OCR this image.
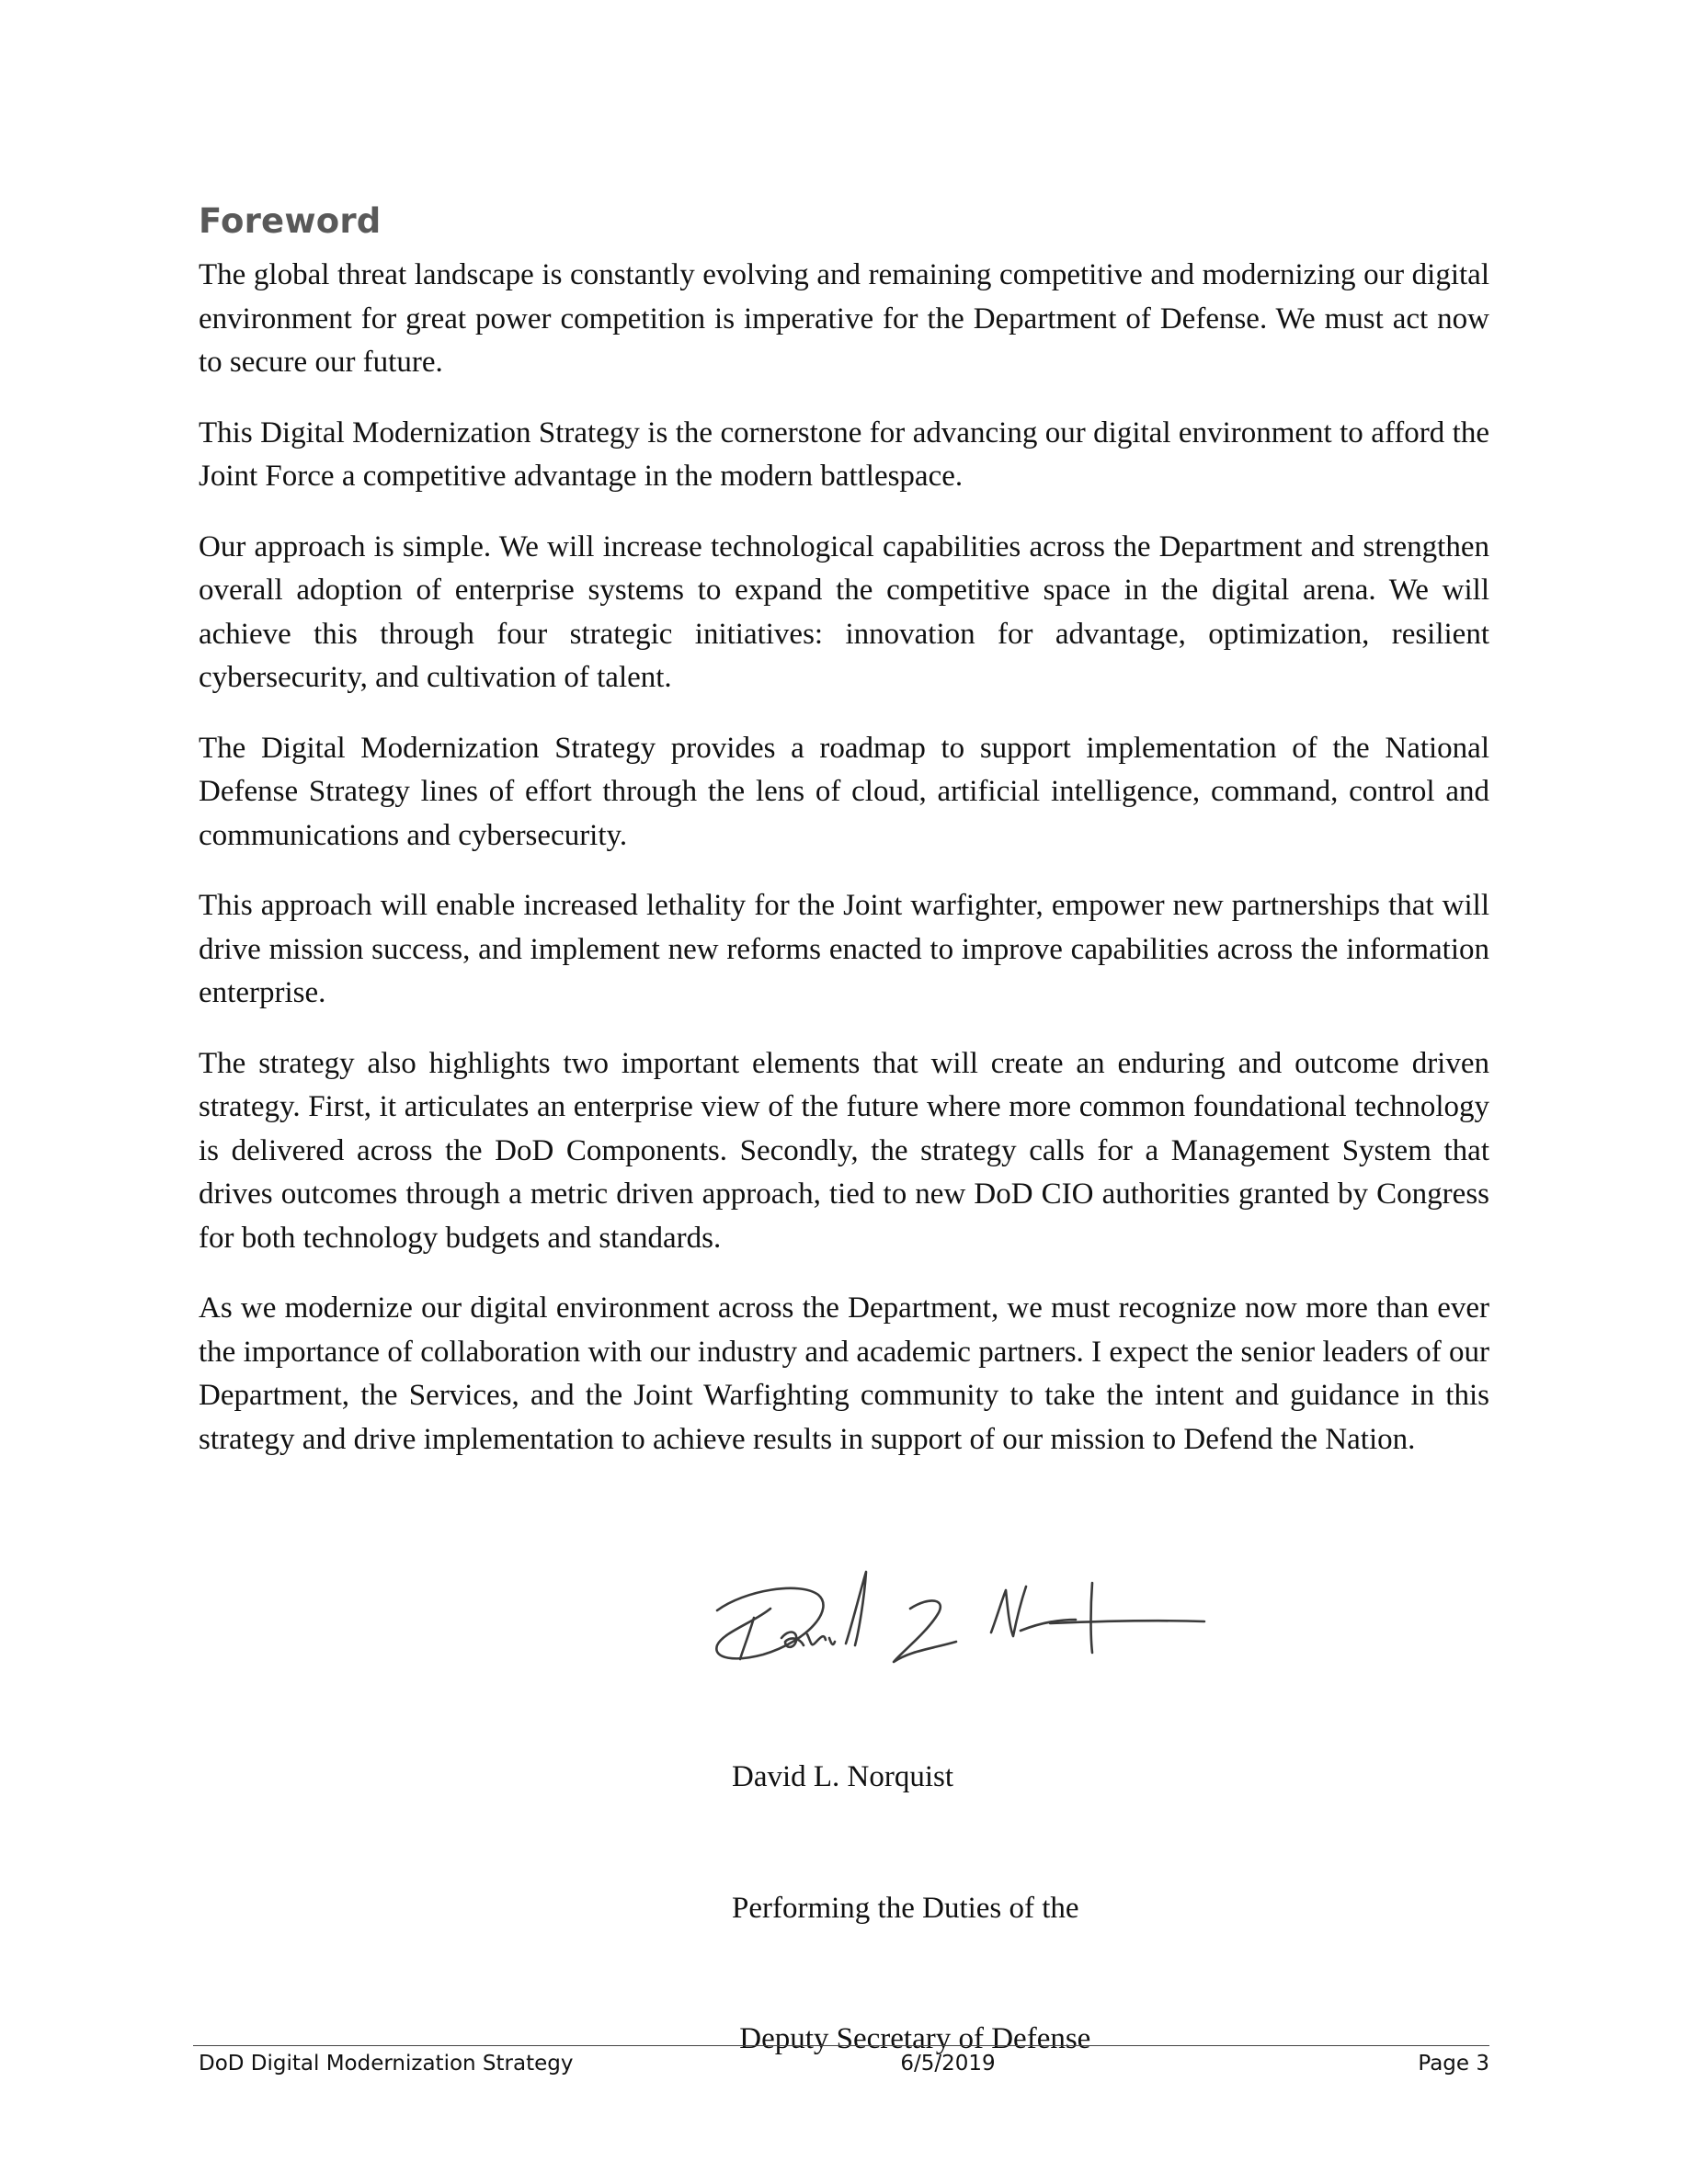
Foreword

The global threat landscape is constantly evolving and remaining competitive and modernizing our digital environment for great power competition is imperative for the Department of Defense. We must act now to secure our future.

This Digital Modernization Strategy is the cornerstone for advancing our digital environment to afford the Joint Force a competitive advantage in the modern battlespace.

Our approach is simple. We will increase technological capabilities across the Department and strengthen overall adoption of enterprise systems to expand the competitive space in the digital arena. We will achieve this through four strategic initiatives: innovation for advantage, optimization, resilient cybersecurity, and cultivation of talent.

The Digital Modernization Strategy provides a roadmap to support implementation of the National Defense Strategy lines of effort through the lens of cloud, artificial intelligence, command, control and communications and cybersecurity.

This approach will enable increased lethality for the Joint warfighter, empower new partnerships that will drive mission success, and implement new reforms enacted to improve capabilities across the information enterprise.

The strategy also highlights two important elements that will create an enduring and outcome driven strategy. First, it articulates an enterprise view of the future where more common foundational technology is delivered across the DoD Components. Secondly, the strategy calls for a Management System that drives outcomes through a metric driven approach, tied to new DoD CIO authorities granted by Congress for both technology budgets and standards.

As we modernize our digital environment across the Department, we must recognize now more than ever the importance of collaboration with our industry and academic partners. I expect the senior leaders of our Department, the Services, and the Joint Warfighting community to take the intent and guidance in this strategy and drive implementation to achieve results in support of our mission to Defend the Nation.

David L. Norquist

Performing the Duties of the

Deputy Secretary of Defense

DoD Digital Modernization Strategy	6/5/2019	Page 3
